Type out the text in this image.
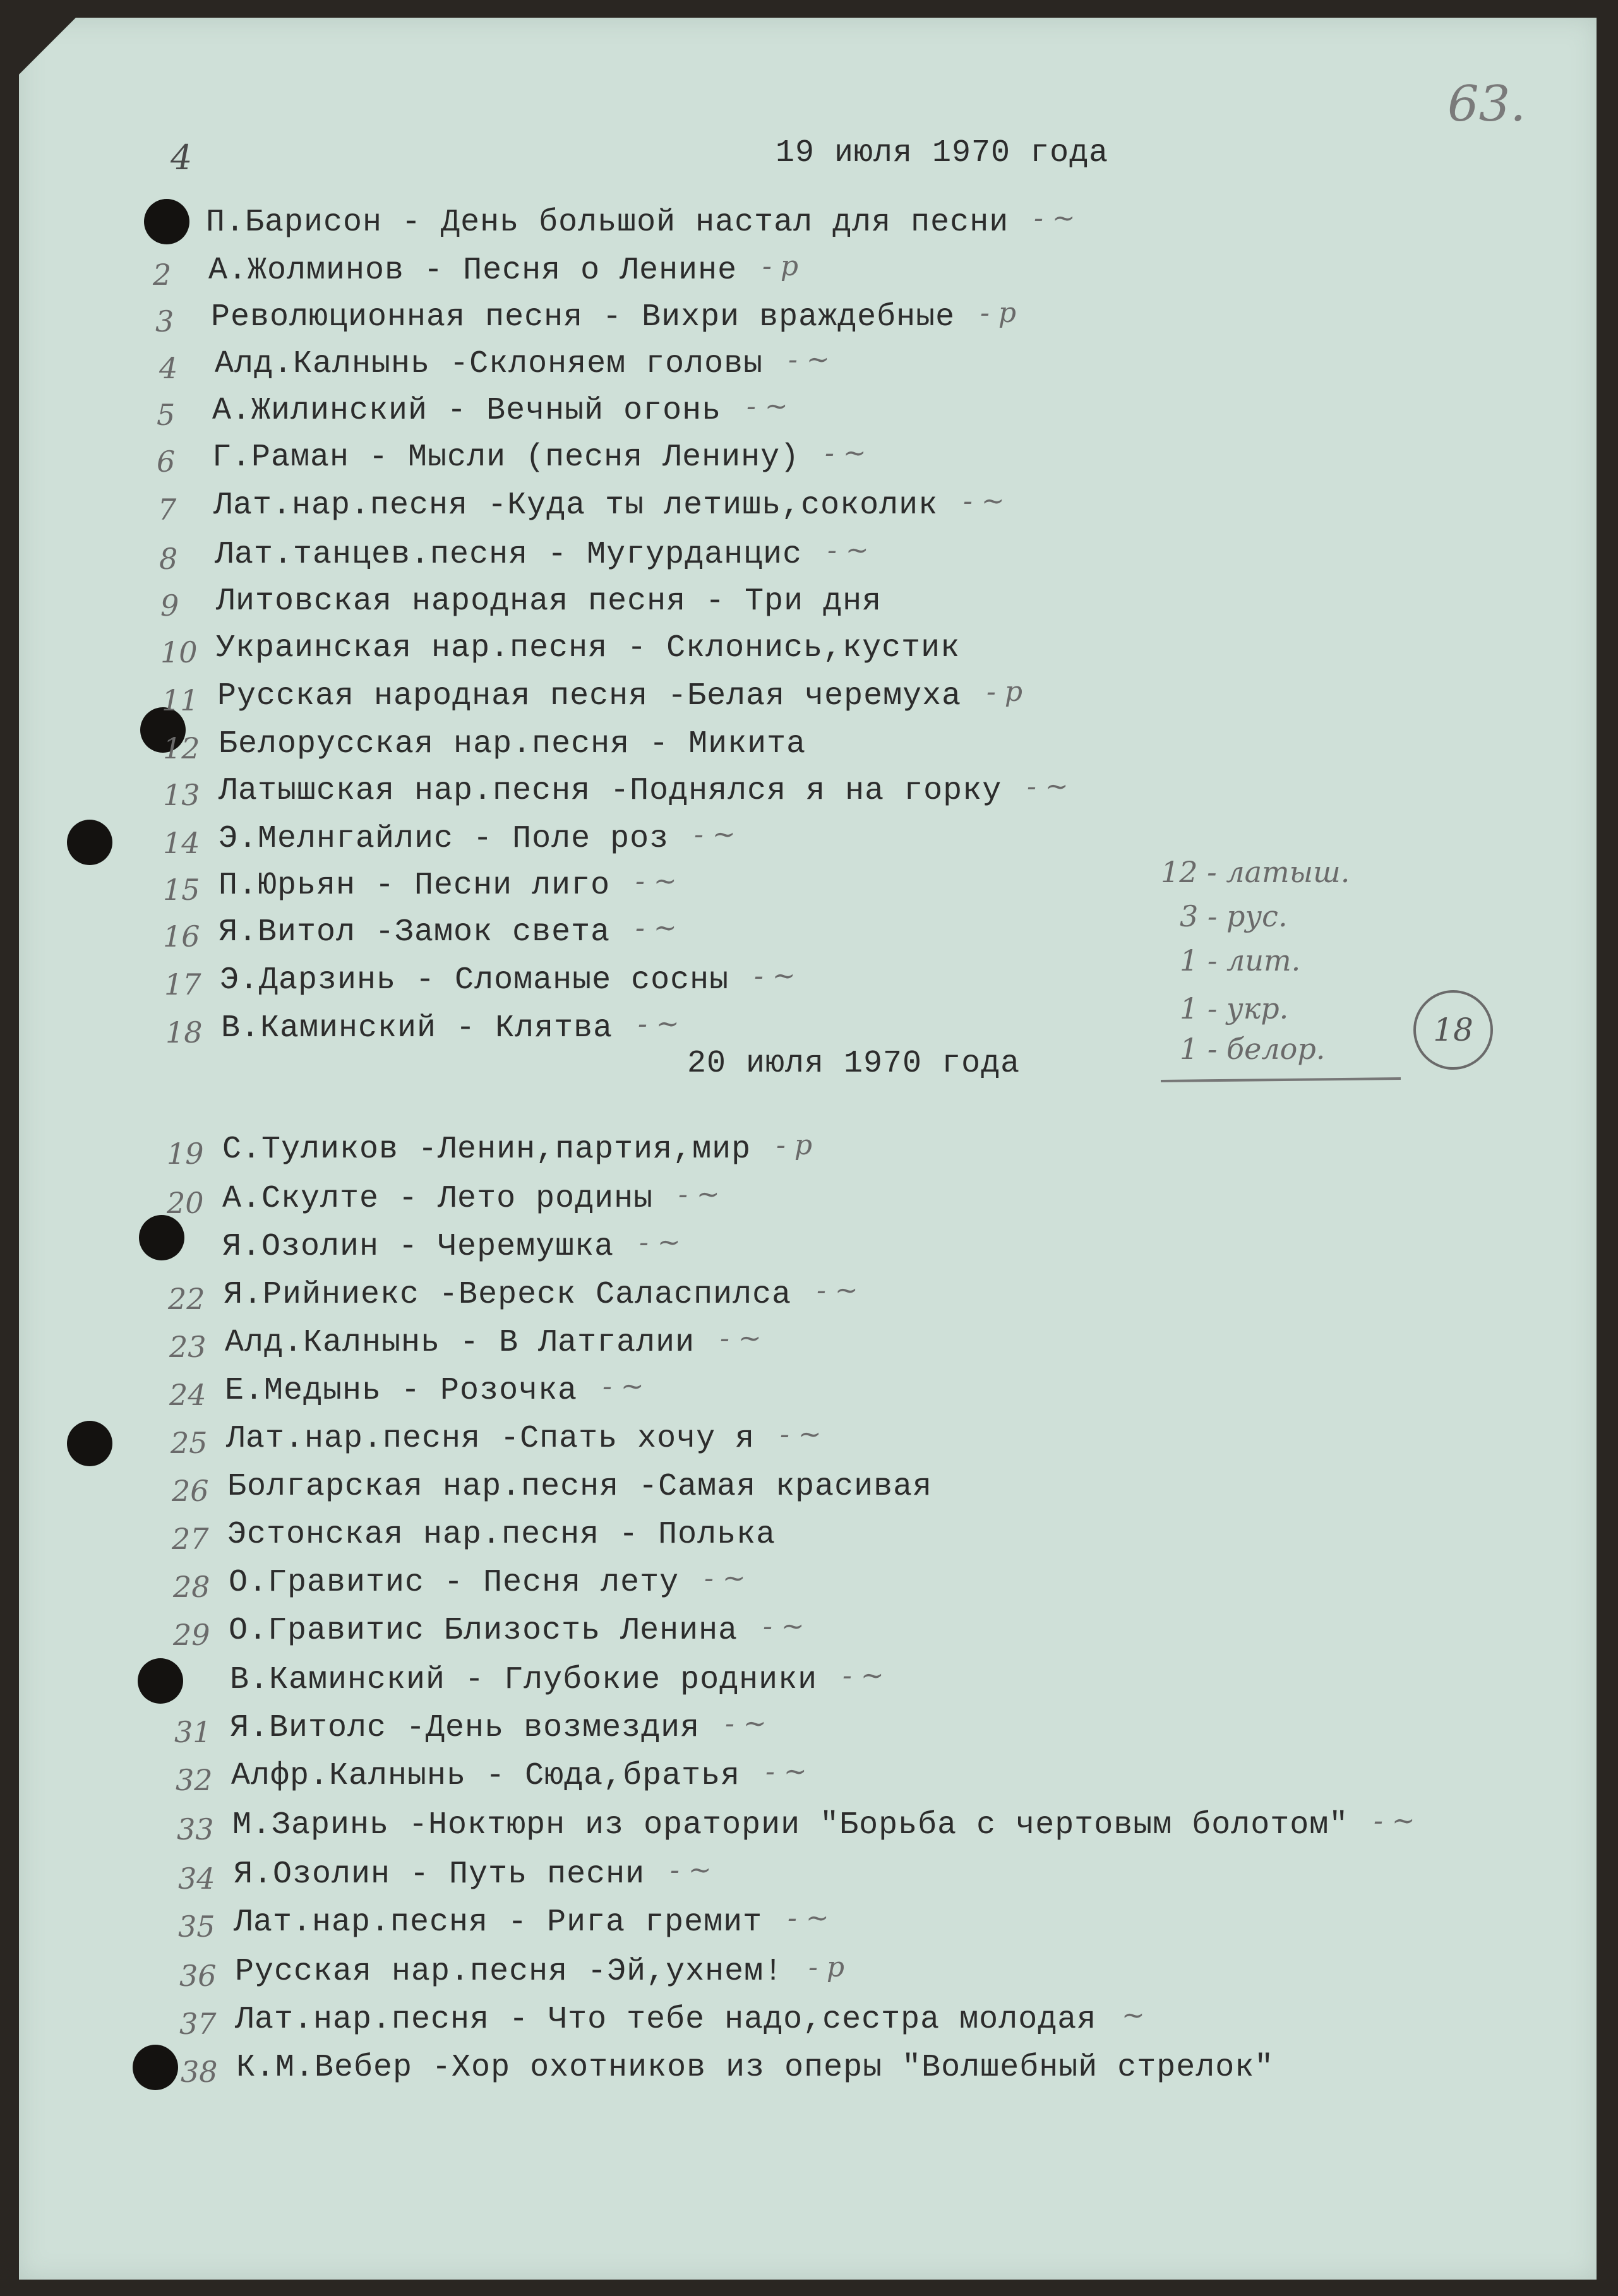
63.
4	19 июля 1970 года
20 июля 1970 года
П.Барисон - День большой настал для песни - ~
2 А.Жолминов - Песня о Ленине - р
3 Революционная песня - Вихри враждебные - р
4 Алд.Калнынь -Склоняем головы - ~
5 А.Жилинский - Вечный огонь - ~
6 Г.Раман - Мысли (песня Ленину) - ~
7 Лат.нар.песня -Куда ты летишь,соколик - ~
8 Лат.танцев.песня - Мугурданцис - ~
9 Литовская народная песня - Три дня
10 Украинская нар.песня - Склонись,кустик
11 Русская народная песня -Белая черемуха - р
12 Белорусская нар.песня - Микита
13 Латышская нар.песня -Поднялся я на горку - ~
14 Э.Мелнгайлис - Поле роз - ~
15 П.Юрьян - Песни лиго - ~
16 Я.Витол -Замок света - ~
17 Э.Дарзинь - Сломаные сосны - ~
18 В.Каминский - Клятва - ~
19 С.Туликов -Ленин,партия,мир - р
20 А.Скулте - Лето родины - ~
Я.Озолин - Черемушка - ~
22 Я.Рийниекс -Вереск Саласпилса - ~
23 Алд.Калнынь - В Латгалии - ~
24 Е.Медынь - Розочка - ~
25 Лат.нар.песня -Спать хочу я - ~
26 Болгарская нар.песня -Самая красивая
27 Эстонская нар.песня - Полька
28 О.Гравитис - Песня лету - ~
29 О.Гравитис Близость Ленина - ~
В.Каминский - Глубокие родники - ~
31 Я.Витолс -День возмездия - ~
32 Алфр.Калнынь - Сюда,братья - ~
33 М.Заринь -Ноктюрн из оратории "Борьба с чертовым болотом" - ~
34 Я.Озолин - Путь песни - ~
35 Лат.нар.песня - Рига гремит - ~
36 Русская нар.песня -Эй,ухнем! - р
37 Лат.нар.песня - Что тебе надо,сестра молодая ~
38 К.М.Вебер -Хор охотников из оперы "Волшебный стрелок"
12 - латыш.
3 - рус.
1 - лит.
1 - укр.
1 - белор.
18
